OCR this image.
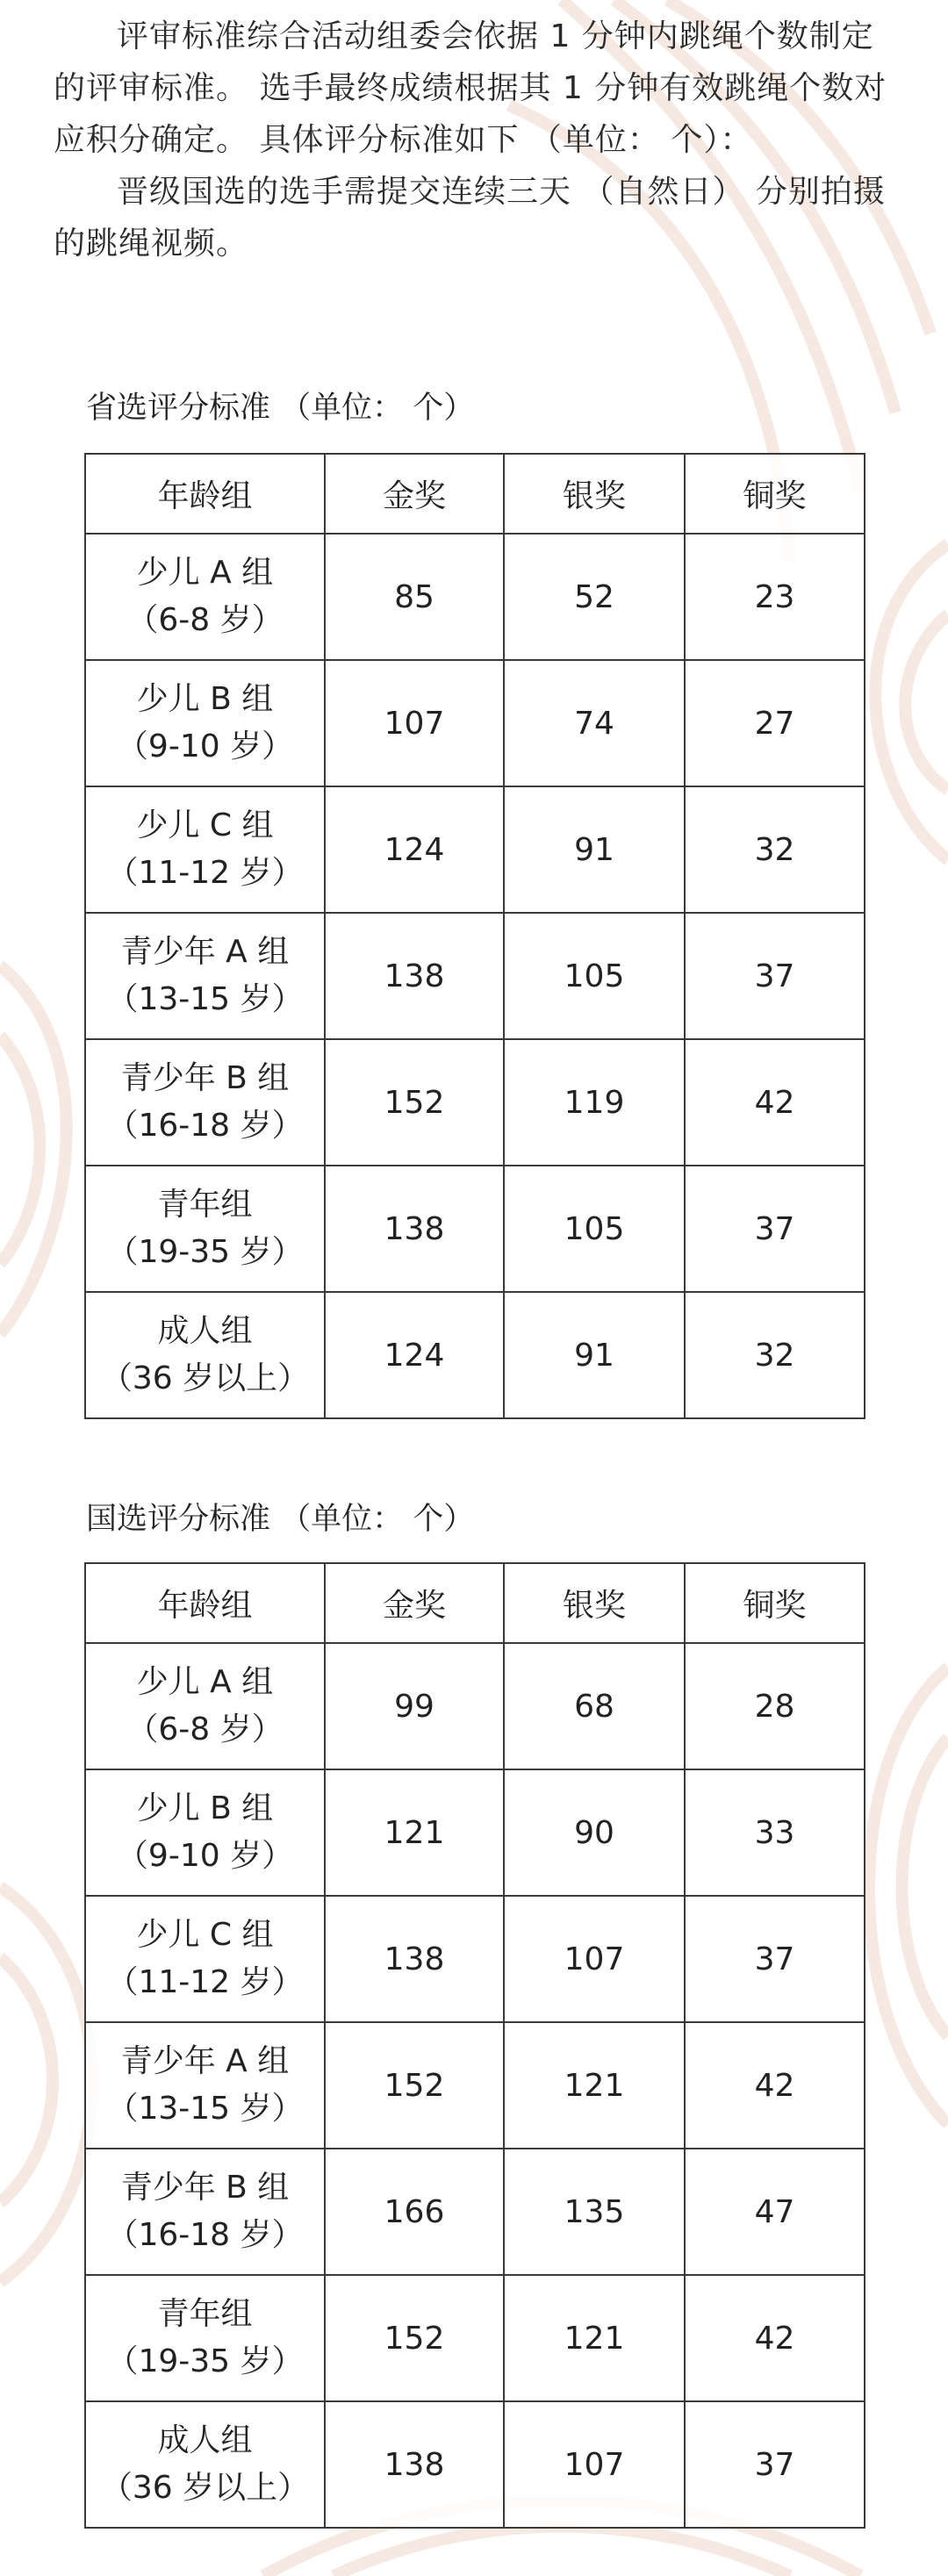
评审标准综合活动组委会依据 1 分钟内跳绳个数制定的评审标准。 选手最终成绩根据其 1 分钟有效跳绳个数对应积分确定。 具体评分标准如下 （单位： 个）：

晋级国选的选手需提交连续三天 （自然日） 分别拍摄的跳绳视频。

省选评分标准 （单位： 个）
年龄组	金奖	银奖	铜奖

少儿 A 组
（6-8 岁）	85	52	23

少儿 B 组
（9-10 岁）	107	74	27

少儿 C 组
（11-12 岁）	124	91	32

青少年 A 组
（13-15 岁）	138	105	37

青少年 B 组
（16-18 岁）	152	119	42

青年组
（19-35 岁）	138	105	37

成人组
（36 岁以上）	124	91	32
国选评分标准 （单位： 个）
年龄组	金奖	银奖	铜奖

少儿 A 组
（6-8 岁）	99	68	28

少儿 B 组
（9-10 岁）	121	90	33

少儿 C 组
（11-12 岁）	138	107	37

青少年 A 组
（13-15 岁）	152	121	42

青少年 B 组
（16-18 岁）	166	135	47

青年组
（19-35 岁）	152	121	42

成人组
（36 岁以上）	138	107	37
